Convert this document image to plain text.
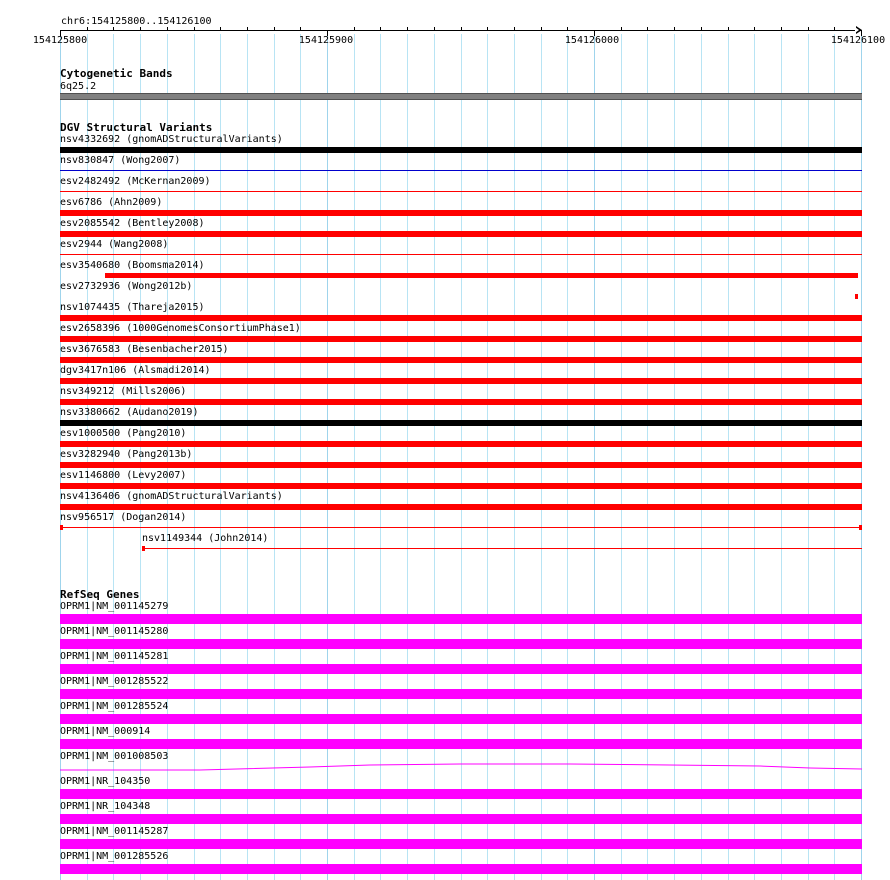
chr6:154125800..154126100
154125800	154125900	154126000	154126100
Cytogenetic Bands
6q25.2
DGV Structural Variants
nsv4332692 (gnomADStructuralVariants)
nsv830847 (Wong2007)
esv2482492 (McKernan2009)
esv6786 (Ahn2009)
esv2085542 (Bentley2008)
esv2944 (Wang2008)
esv3540680 (Boomsma2014)
esv2732936 (Wong2012b)
nsv1074435 (Thareja2015)
esv2658396 (1000GenomesConsortiumPhase1)
esv3676583 (Besenbacher2015)
dgv3417n106 (Alsmadi2014)
nsv349212 (Mills2006)
nsv3380662 (Audano2019)
esv1000500 (Pang2010)
esv3282940 (Pang2013b)
esv1146800 (Levy2007)
nsv4136406 (gnomADStructuralVariants)
nsv956517 (Dogan2014)
nsv1149344 (John2014)
RefSeq Genes
OPRM1|NM_001145279
OPRM1|NM_001145280
OPRM1|NM_001145281
OPRM1|NM_001285522
OPRM1|NM_001285524
OPRM1|NM_000914
OPRM1|NM_001008503
OPRM1|NR_104350
OPRM1|NR_104348
OPRM1|NM_001145287
OPRM1|NM_001285526
